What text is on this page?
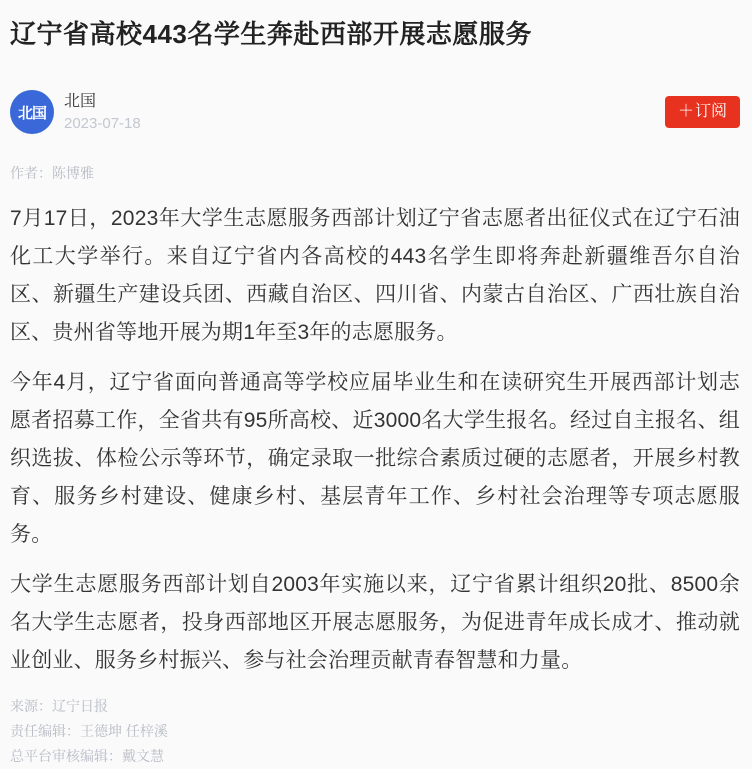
辽宁省高校443名学生奔赴西部开展志愿服务
北国
北国
2023-07-18
＋ 订阅
作者：陈博雅

7月17日，2023年大学生志愿服务西部计划辽宁省志愿者出征仪式在辽宁石油化工大学举行。来自辽宁省内各高校的443名学生即将奔赴新疆维吾尔自治区、新疆生产建设兵团、西藏自治区、四川省、内蒙古自治区、广西壮族自治区、贵州省等地开展为期1年至3年的志愿服务。

今年4月，辽宁省面向普通高等学校应届毕业生和在读研究生开展西部计划志愿者招募工作，全省共有95所高校、近3000名大学生报名。经过自主报名、组织选拔、体检公示等环节，确定录取一批综合素质过硬的志愿者，开展乡村教育、服务乡村建设、健康乡村、基层青年工作、乡村社会治理等专项志愿服务。

大学生志愿服务西部计划自2003年实施以来，辽宁省累计组织20批、8500余名大学生志愿者，投身西部地区开展志愿服务，为促进青年成长成才、推动就业创业、服务乡村振兴、参与社会治理贡献青春智慧和力量。

来源：辽宁日报
责任编辑：王德坤 任梓溪
总平台审核编辑：戴文慧
